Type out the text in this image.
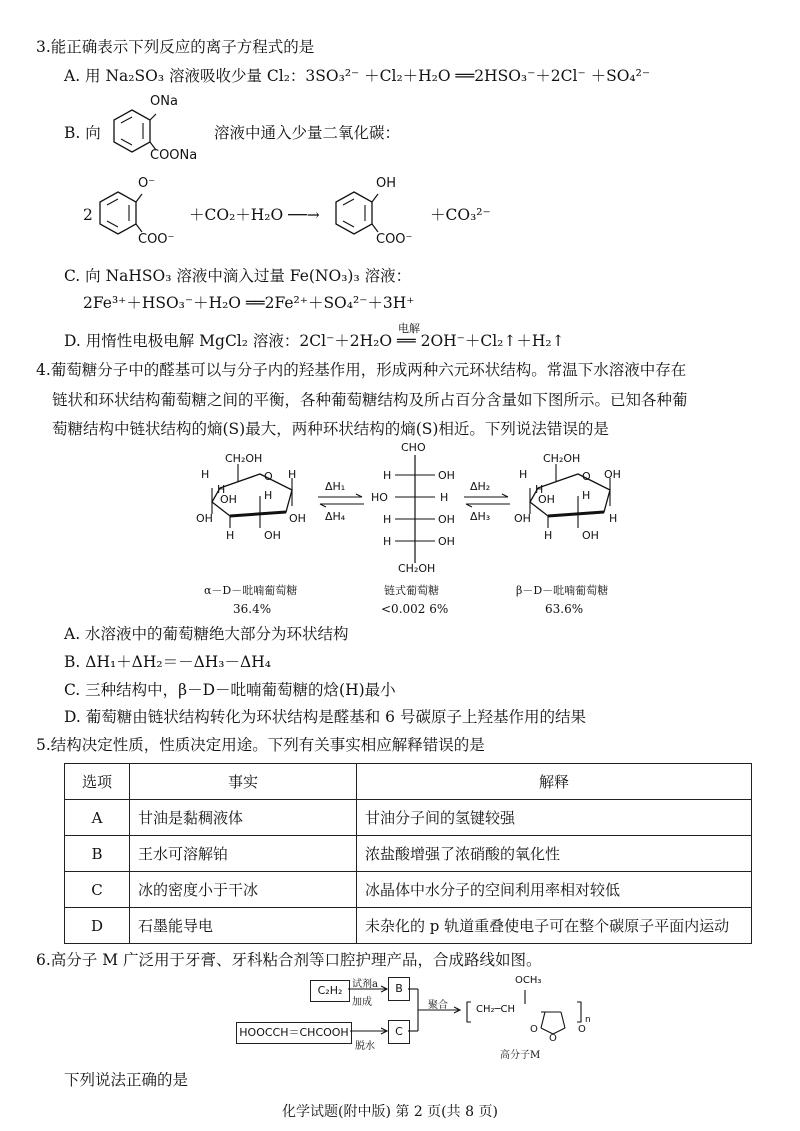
3.能正确表示下列反应的离子方程式的是
A. 用 Na₂SO₃ 溶液吸收少量 Cl₂：3SO₃²⁻ ＋Cl₂＋H₂O ══2HSO₃⁻＋2Cl⁻ ＋SO₄²⁻
B. 向
ONa
COONa
溶液中通入少量二氧化碳：
2
O⁻
COO⁻
＋CO₂＋H₂O ──→
OH
COO⁻
＋CO₃²⁻
C. 向 NaHSO₃ 溶液中滴入过量 Fe(NO₃)₃ 溶液：
2Fe³⁺＋HSO₃⁻＋H₂O ══2Fe²⁺＋SO₄²⁻＋3H⁺
电解
D. 用惰性电极电解 MgCl₂ 溶液：2Cl⁻＋2H₂O ══ 2OH⁻＋Cl₂↑＋H₂↑
4.葡萄糖分子中的醛基可以与分子内的羟基作用，形成两种六元环状结构。常温下水溶液中存在
链状和环状结构葡萄糖之间的平衡，各种葡萄糖结构及所占百分含量如下图所示。已知各种葡
萄糖结构中链状结构的熵(S)最大，两种环状结构的熵(S)相近。下列说法错误的是
CH₂OH
H	O H
H
OH H
OH	OH
H	OH
ΔH₁
ΔH₄
CHO
H	OH
HO	H
H	OH
H	OH
CH₂OH
ΔH₂
ΔH₃
CH₂OH
H	O OH
H
OH H
OH	H
H	OH
α－D－吡喃葡萄糖
36.4%
链式葡萄糖
<0.002 6%
β－D－吡喃葡萄糖
63.6%
A. 水溶液中的葡萄糖绝大部分为环状结构
B. ΔH₁＋ΔH₂＝－ΔH₃－ΔH₄
C. 三种结构中，β－D－吡喃葡萄糖的焓(H)最小
D. 葡萄糖由链状结构转化为环状结构是醛基和 6 号碳原子上羟基作用的结果
5.结构决定性质，性质决定用途。下列有关事实相应解释错误的是
选项	事实	解释
A	甘油是黏稠液体	甘油分子间的氢键较强
B	王水可溶解铂	浓盐酸增强了浓硝酸的氧化性
C	冰的密度小于干冰	冰晶体中水分子的空间利用率相对较低
D	石墨能导电	未杂化的 p 轨道重叠使电子可在整个碳原子平面内运动
6.高分子 M 广泛用于牙膏、牙科粘合剂等口腔护理产品，合成路线如图。
C₂H₂	B
HOOCCH＝CHCOOH	C
试剂a
加成
脱水
聚合
OCH₃
CH₂─CH
n
O	O
O
高分子M
下列说法正确的是
化学试题(附中版) 第 2 页(共 8 页)
